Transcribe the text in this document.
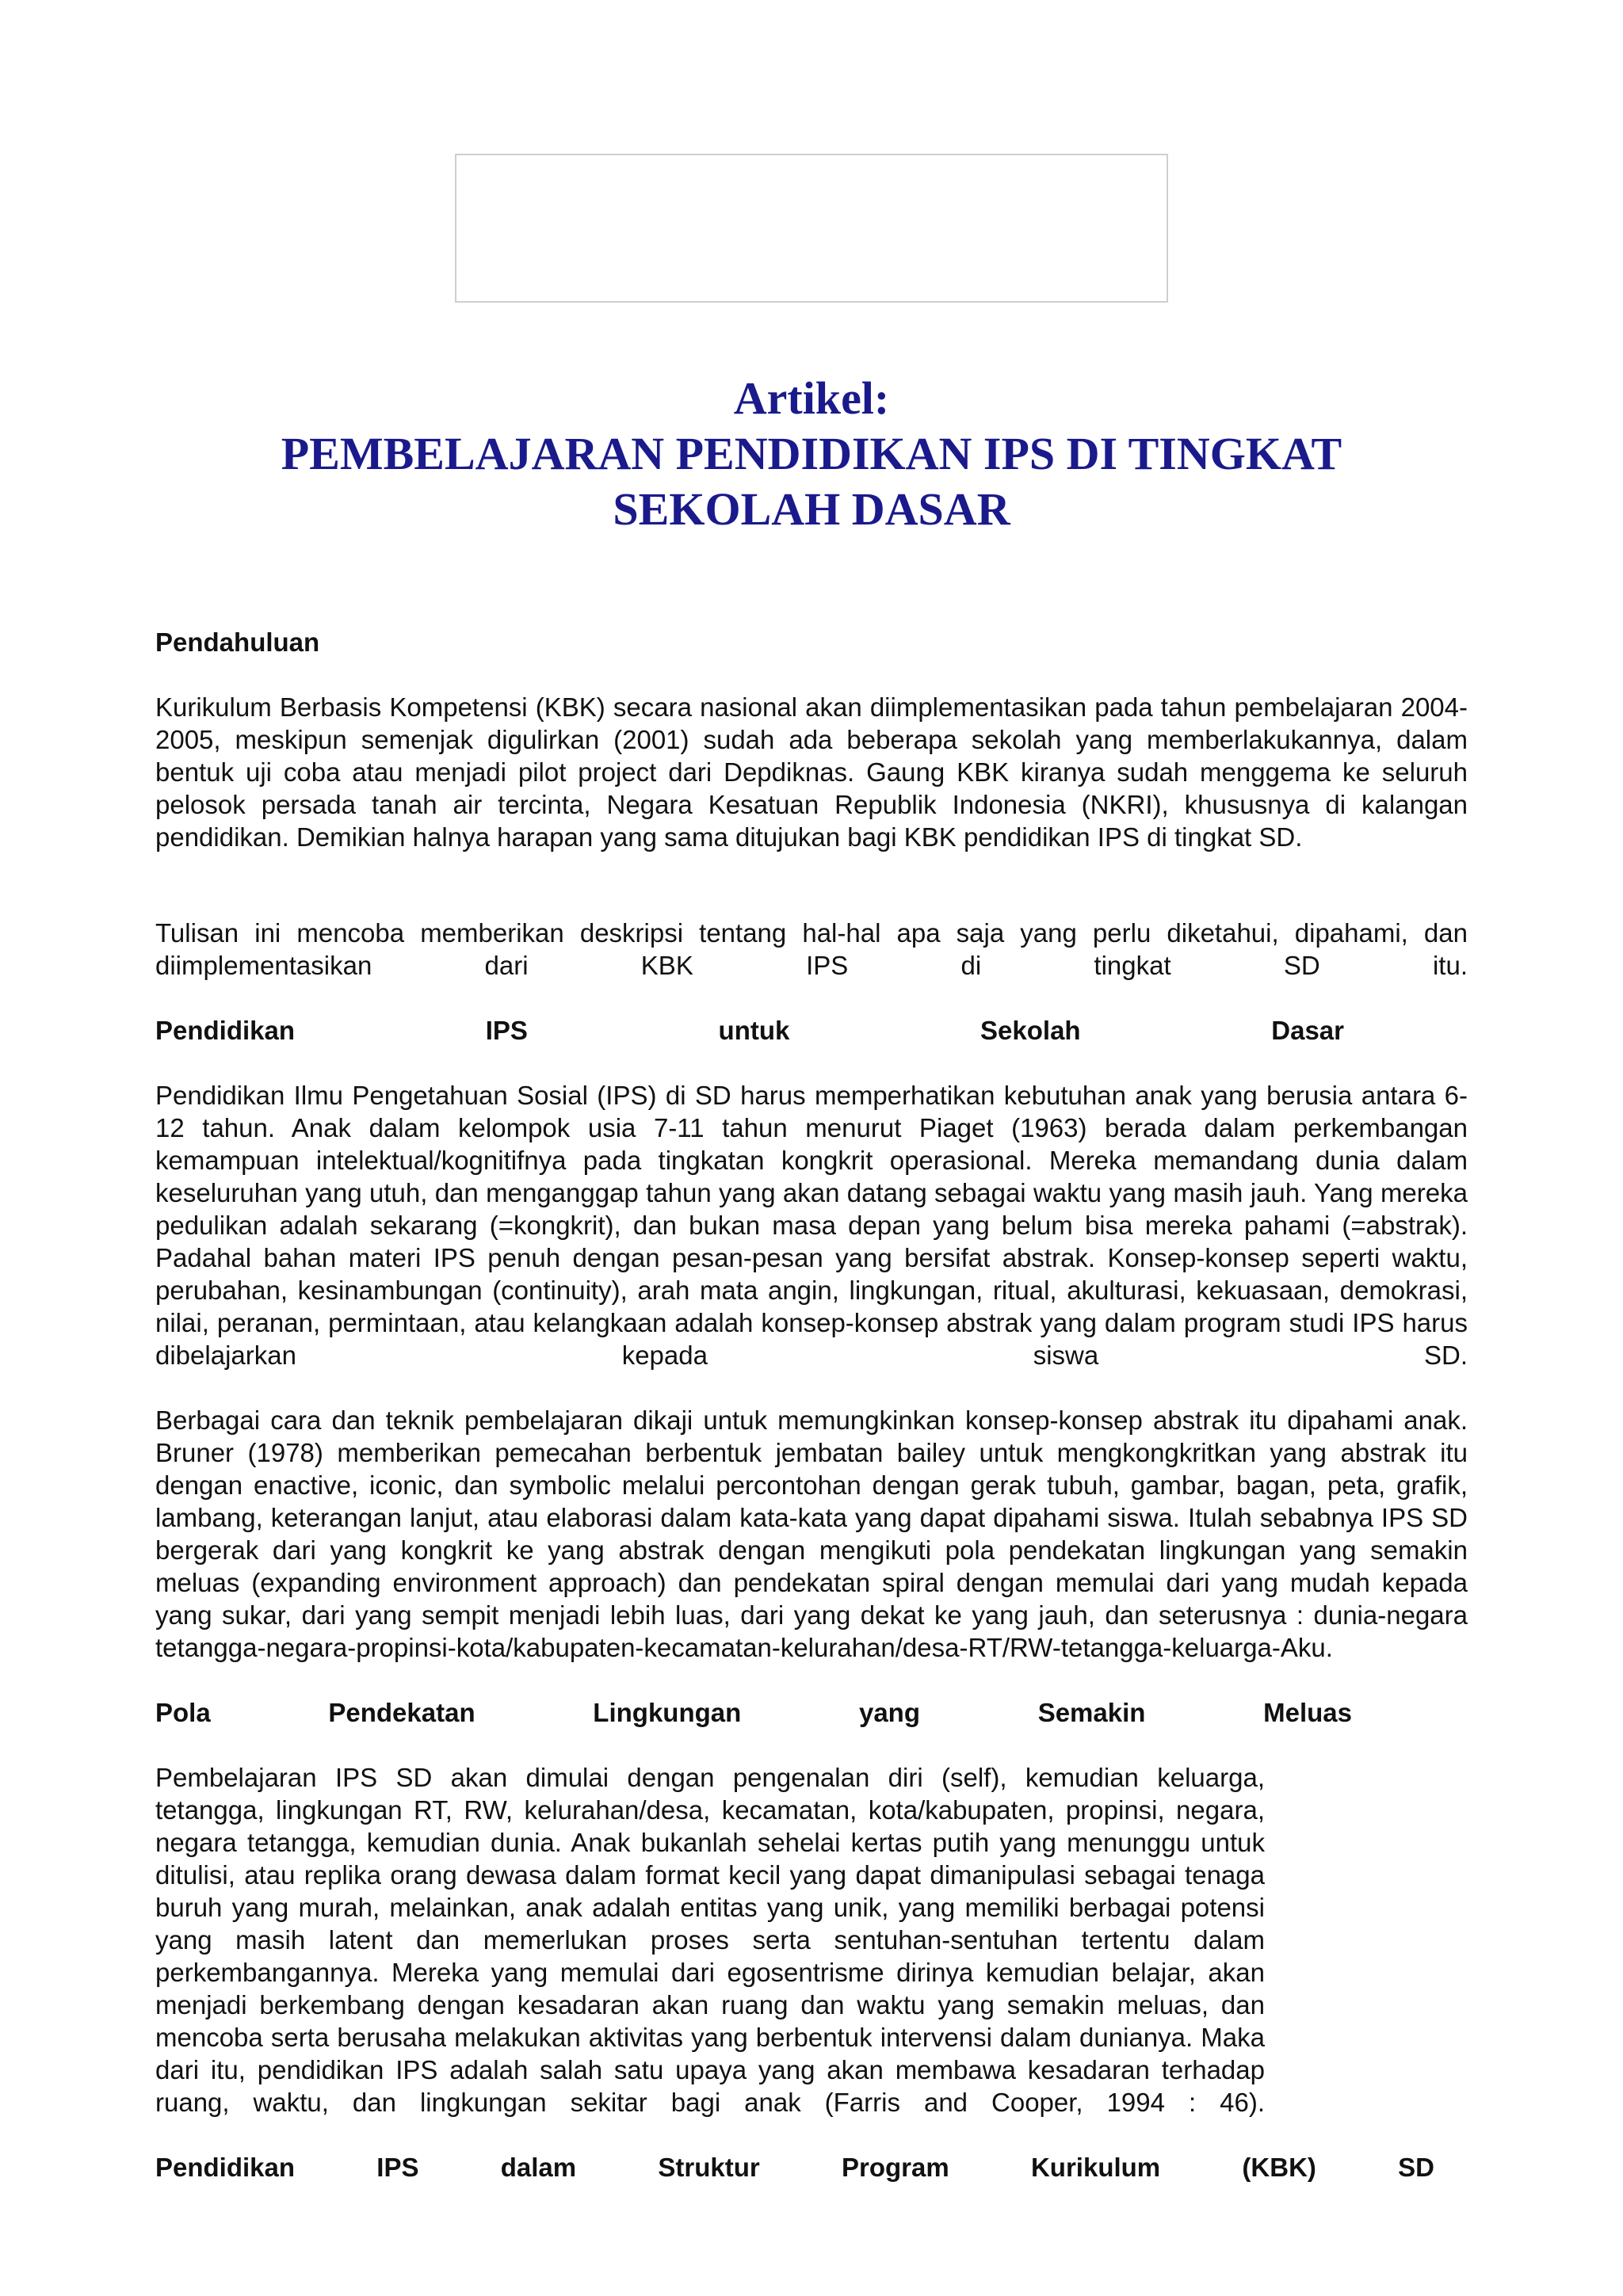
Artikel:
PEMBELAJARAN PENDIDIKAN IPS DI TINGKAT
SEKOLAH DASAR
Pendahuluan

Kurikulum Berbasis Kompetensi (KBK) secara nasional akan diimplementasikan pada tahun pembelajaran 2004-2005, meskipun semenjak digulirkan (2001) sudah ada beberapa sekolah yang memberlakukannya, dalam bentuk uji coba atau menjadi pilot project dari Depdiknas. Gaung KBK kiranya sudah menggema ke seluruh pelosok persada tanah air tercinta, Negara Kesatuan Republik Indonesia (NKRI), khususnya di kalangan pendidikan. Demikian halnya harapan yang sama ditujukan bagi KBK pendidikan IPS di tingkat SD.

Tulisan ini mencoba memberikan deskripsi tentang hal-hal apa saja yang perlu diketahui, dipahami, dan diimplementasikan dari KBK IPS di tingkat SD itu.

Pendidikan IPS untuk Sekolah Dasar

Pendidikan Ilmu Pengetahuan Sosial (IPS) di SD harus memperhatikan kebutuhan anak yang berusia antara 6-12 tahun. Anak dalam kelompok usia 7-11 tahun menurut Piaget (1963) berada dalam perkembangan kemampuan intelektual/kognitifnya pada tingkatan kongkrit operasional. Mereka memandang dunia dalam keseluruhan yang utuh, dan menganggap tahun yang akan datang sebagai waktu yang masih jauh. Yang mereka pedulikan adalah sekarang (=kongkrit), dan bukan masa depan yang belum bisa mereka pahami (=abstrak). Padahal bahan materi IPS penuh dengan pesan-pesan yang bersifat abstrak. Konsep-konsep seperti waktu, perubahan, kesinambungan (continuity), arah mata angin, lingkungan, ritual, akulturasi, kekuasaan, demokrasi, nilai, peranan, permintaan, atau kelangkaan adalah konsep-konsep abstrak yang dalam program studi IPS harus dibelajarkan kepada siswa SD.

Berbagai cara dan teknik pembelajaran dikaji untuk memungkinkan konsep-konsep abstrak itu dipahami anak. Bruner (1978) memberikan pemecahan berbentuk jembatan bailey untuk mengkongkritkan yang abstrak itu dengan enactive, iconic, dan symbolic melalui percontohan dengan gerak tubuh, gambar, bagan, peta, grafik, lambang, keterangan lanjut, atau elaborasi dalam kata-kata yang dapat dipahami siswa. Itulah sebabnya IPS SD bergerak dari yang kongkrit ke yang abstrak dengan mengikuti pola pendekatan lingkungan yang semakin meluas (expanding environment approach) dan pendekatan spiral dengan memulai dari yang mudah kepada yang sukar, dari yang sempit menjadi lebih luas, dari yang dekat ke yang jauh, dan seterusnya : dunia-negara tetangga-negara-propinsi-kota/kabupaten-kecamatan-kelurahan/desa-RT/RW-tetangga-keluarga-Aku.

Pola Pendekatan Lingkungan yang Semakin Meluas

Pembelajaran IPS SD akan dimulai dengan pengenalan diri (self), kemudian keluarga, tetangga, lingkungan RT, RW, kelurahan/desa, kecamatan, kota/kabupaten, propinsi, negara, negara tetangga, kemudian dunia. Anak bukanlah sehelai kertas putih yang menunggu untuk ditulisi, atau replika orang dewasa dalam format kecil yang dapat dimanipulasi sebagai tenaga buruh yang murah, melainkan, anak adalah entitas yang unik, yang memiliki berbagai potensi yang masih latent dan memerlukan proses serta sentuhan-sentuhan tertentu dalam perkembangannya. Mereka yang memulai dari egosentrisme dirinya kemudian belajar, akan menjadi berkembang dengan kesadaran akan ruang dan waktu yang semakin meluas, dan mencoba serta berusaha melakukan aktivitas yang berbentuk intervensi dalam dunianya. Maka dari itu, pendidikan IPS adalah salah satu upaya yang akan membawa kesadaran terhadap ruang, waktu, dan lingkungan sekitar bagi anak (Farris and Cooper, 1994 : 46).

Pendidikan IPS dalam Struktur Program Kurikulum (KBK) SD
